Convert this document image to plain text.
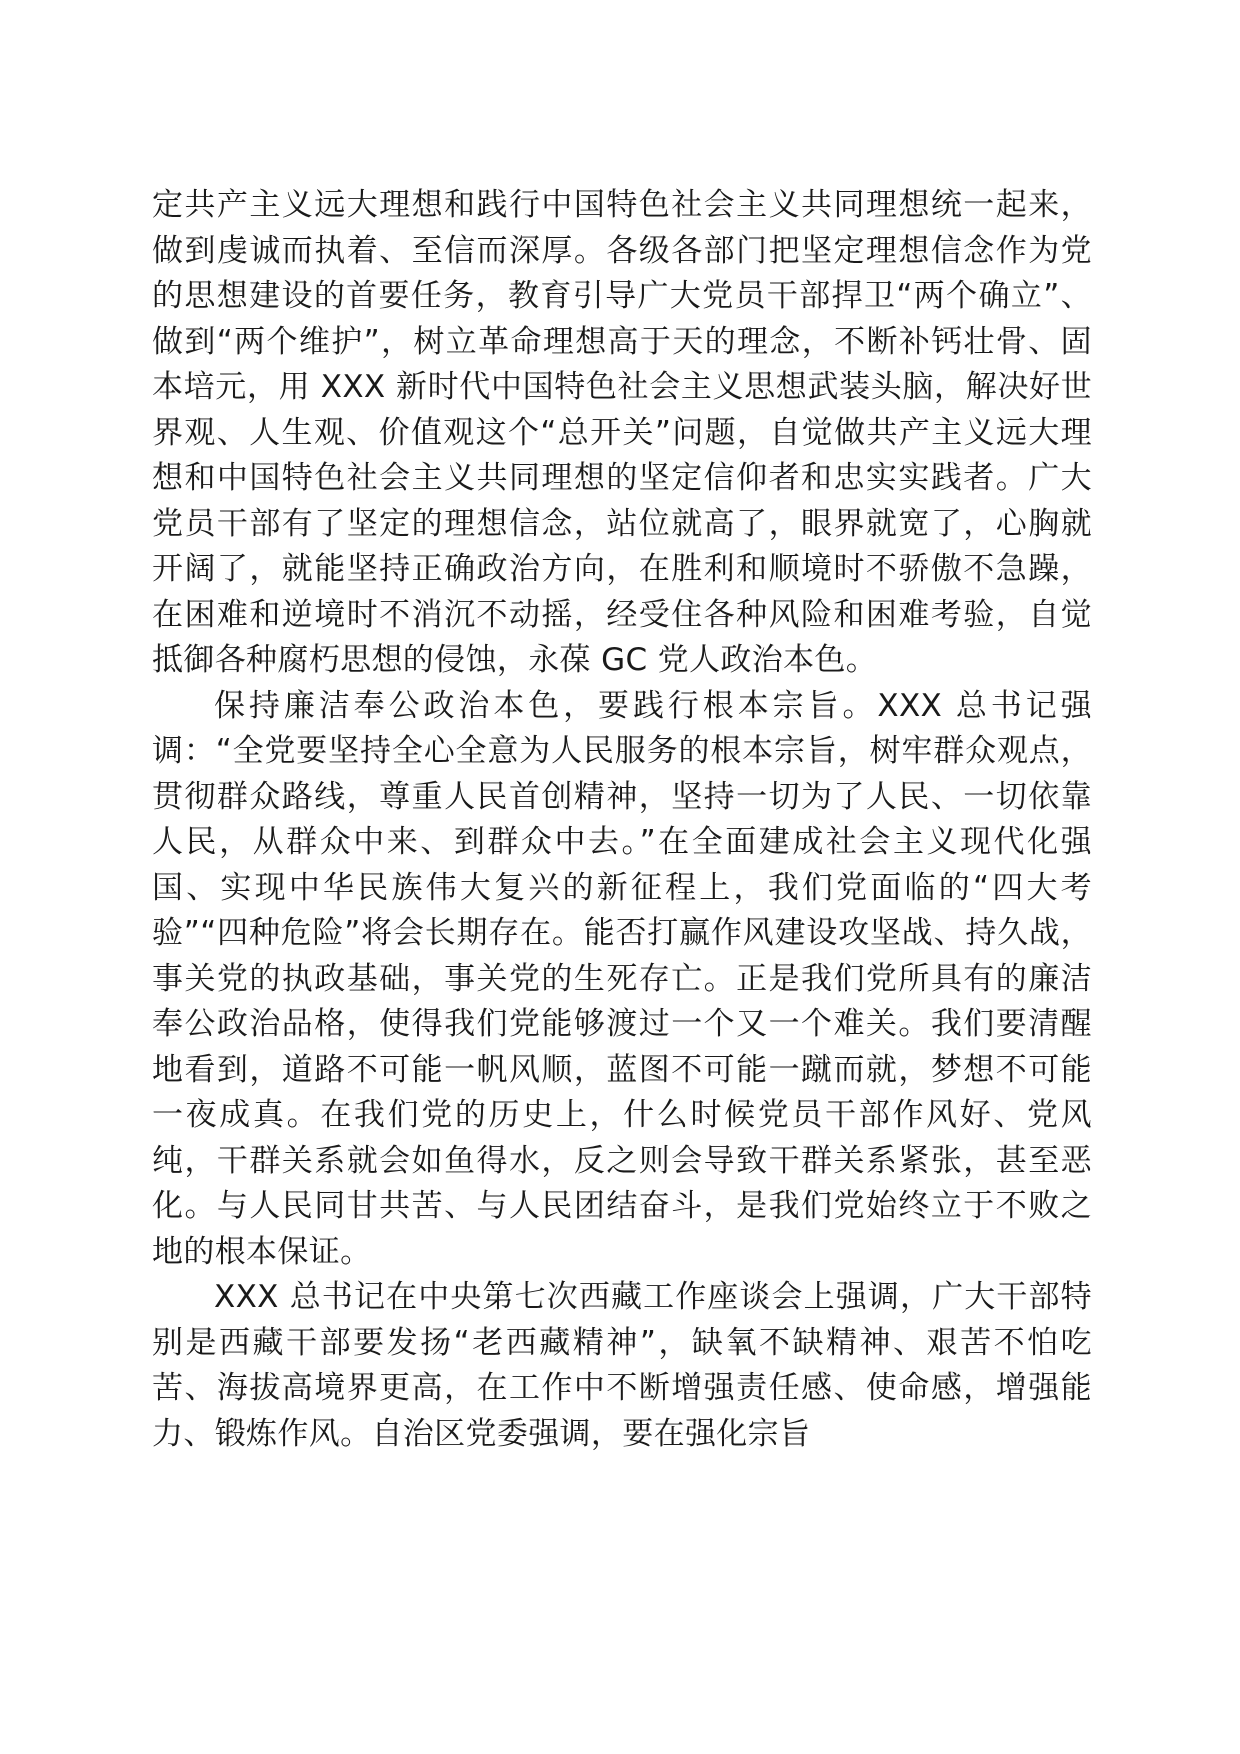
定共产主义远大理想和践行中国特色社会主义共同理想统一起来，做到虔诚而执着、至信而深厚。各级各部门把坚定理想信念作为党的思想建设的首要任务，教育引导广大党员干部捍卫“两个确立”、做到“两个维护”，树立革命理想高于天的理念，不断补钙壮骨、固本培元，用 XXX 新时代中国特色社会主义思想武装头脑，解决好世界观、人生观、价值观这个“总开关”问题，自觉做共产主义远大理想和中国特色社会主义共同理想的坚定信仰者和忠实实践者。广大党员干部有了坚定的理想信念，站位就高了，眼界就宽了，心胸就开阔了，就能坚持正确政治方向，在胜利和顺境时不骄傲不急躁，在困难和逆境时不消沉不动摇，经受住各种风险和困难考验，自觉抵御各种腐朽思想的侵蚀，永葆 GC 党人政治本色。

保持廉洁奉公政治本色，要践行根本宗旨。XXX 总书记强调：“全党要坚持全心全意为人民服务的根本宗旨，树牢群众观点，贯彻群众路线，尊重人民首创精神，坚持一切为了人民、一切依靠人民，从群众中来、到群众中去。”在全面建成社会主义现代化强国、实现中华民族伟大复兴的新征程上，我们党面临的“四大考验”“四种危险”将会长期存在。能否打赢作风建设攻坚战、持久战，事关党的执政基础，事关党的生死存亡。正是我们党所具有的廉洁奉公政治品格，使得我们党能够渡过一个又一个难关。我们要清醒地看到，道路不可能一帆风顺，蓝图不可能一蹴而就，梦想不可能一夜成真。在我们党的历史上，什么时候党员干部作风好、党风纯，干群关系就会如鱼得水，反之则会导致干群关系紧张，甚至恶化。与人民同甘共苦、与人民团结奋斗，是我们党始终立于不败之地的根本保证。

XXX 总书记在中央第七次西藏工作座谈会上强调，广大干部特别是西藏干部要发扬“老西藏精神”，缺氧不缺精神、艰苦不怕吃苦、海拔高境界更高，在工作中不断增强责任感、使命感，增强能力、锻炼作风。自治区党委强调，要在强化宗旨
